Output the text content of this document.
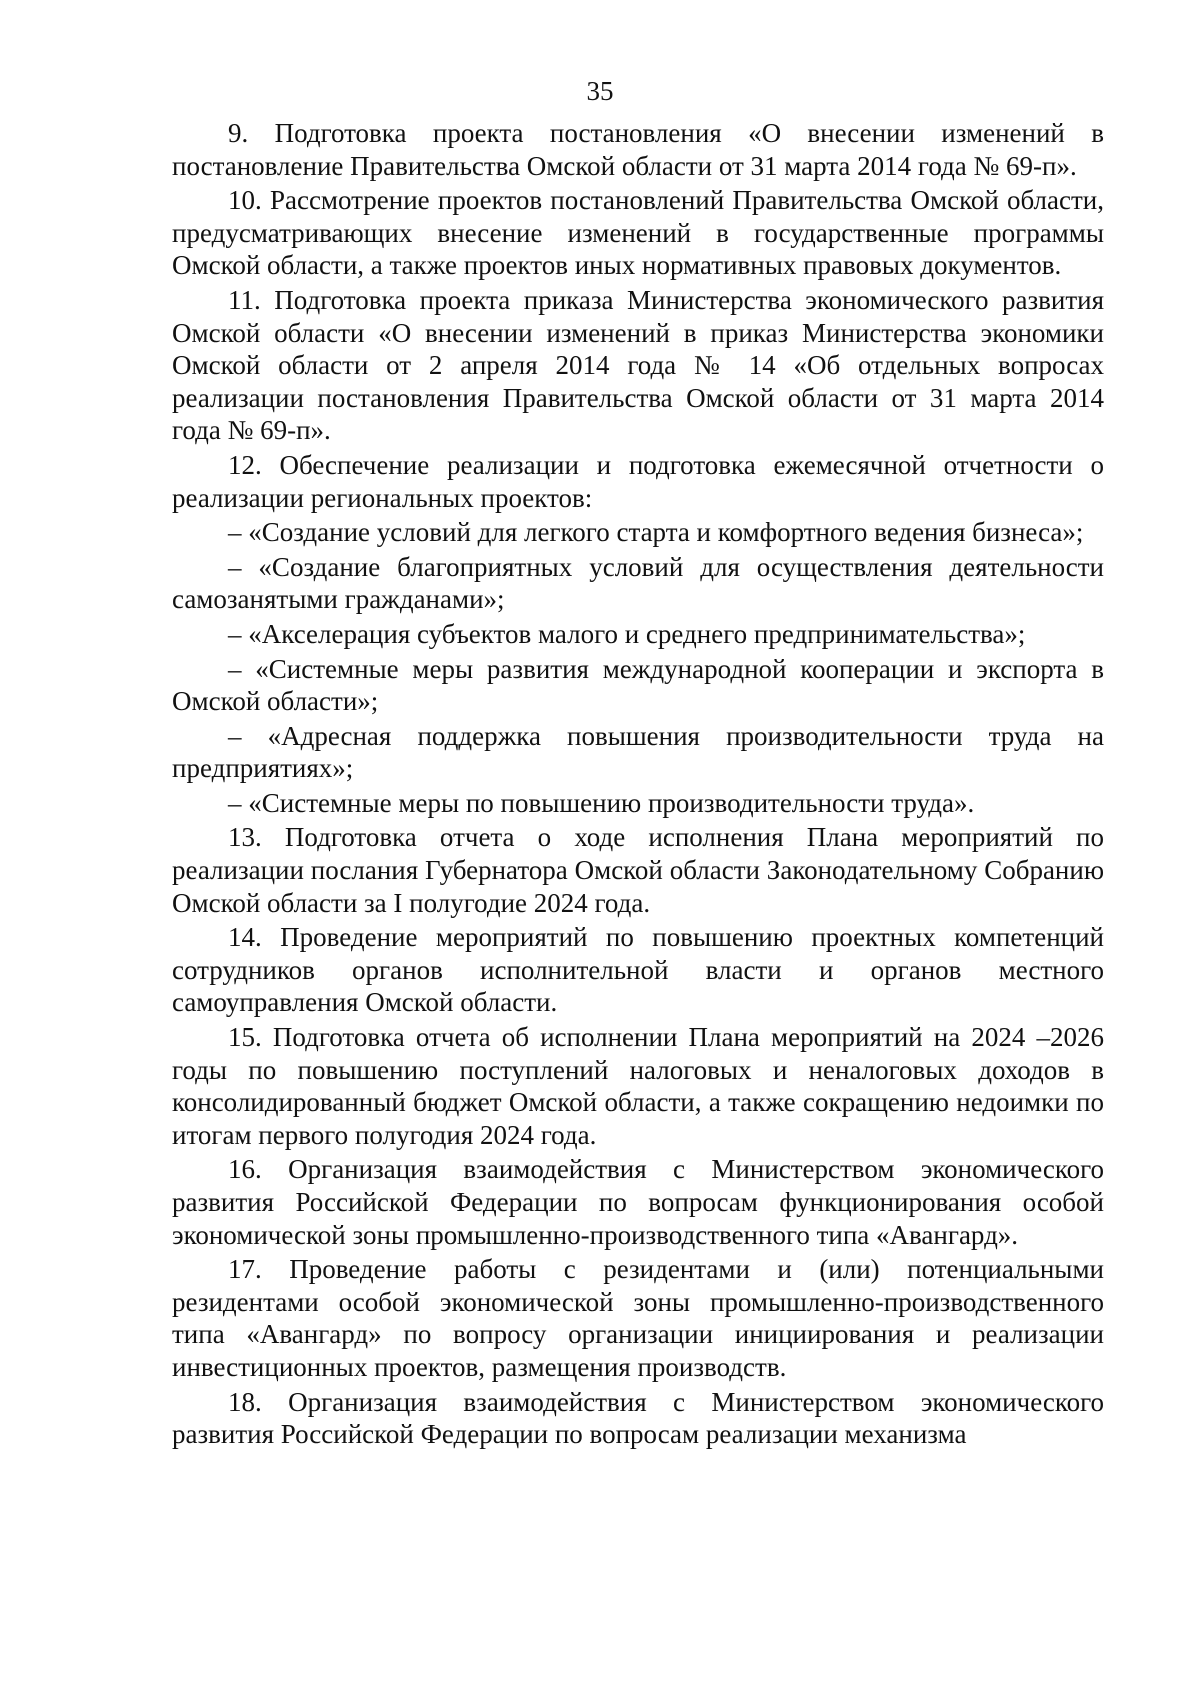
35

9. Подготовка проекта постановления «О внесении изменений в постановление Правительства Омской области от 31 марта 2014 года № 69-п».

10. Рассмотрение проектов постановлений Правительства Омской области, предусматривающих внесение изменений в государственные программы Омской области, а также проектов иных нормативных правовых документов.

11. Подготовка проекта приказа Министерства экономического развития Омской области «О внесении изменений в приказ Министерства экономики Омской области от 2 апреля 2014 года № 14 «Об отдельных вопросах реализации постановления Правительства Омской области от 31 марта 2014 года № 69-п».

12. Обеспечение реализации и подготовка ежемесячной отчетности о реализации региональных проектов:

– «Создание условий для легкого старта и комфортного ведения бизнеса»;

– «Создание благоприятных условий для осуществления деятельности самозанятыми гражданами»;

– «Акселерация субъектов малого и среднего предпринимательства»;

– «Системные меры развития международной кооперации и экспорта в Омской области»;

– «Адресная поддержка повышения производительности труда на предприятиях»;

– «Системные меры по повышению производительности труда».

13. Подготовка отчета о ходе исполнения Плана мероприятий по реализации послания Губернатора Омской области Законодательному Собранию Омской области за I полугодие 2024 года.

14. Проведение мероприятий по повышению проектных компетенций сотрудников органов исполнительной власти и органов местного самоуправления Омской области.

15. Подготовка отчета об исполнении Плана мероприятий на 2024 –2026 годы по повышению поступлений налоговых и неналоговых доходов в консолидированный бюджет Омской области, а также сокращению недоимки по итогам первого полугодия 2024 года.

16. Организация взаимодействия с Министерством экономического развития Российской Федерации по вопросам функционирования особой экономической зоны промышленно-производственного типа «Авангард».

17. Проведение работы с резидентами и (или) потенциальными резидентами особой экономической зоны промышленно-производственного типа «Авангард» по вопросу организации инициирования и реализации инвестиционных проектов, размещения производств.

18. Организация взаимодействия с Министерством экономического развития Российской Федерации по вопросам реализации механизма
